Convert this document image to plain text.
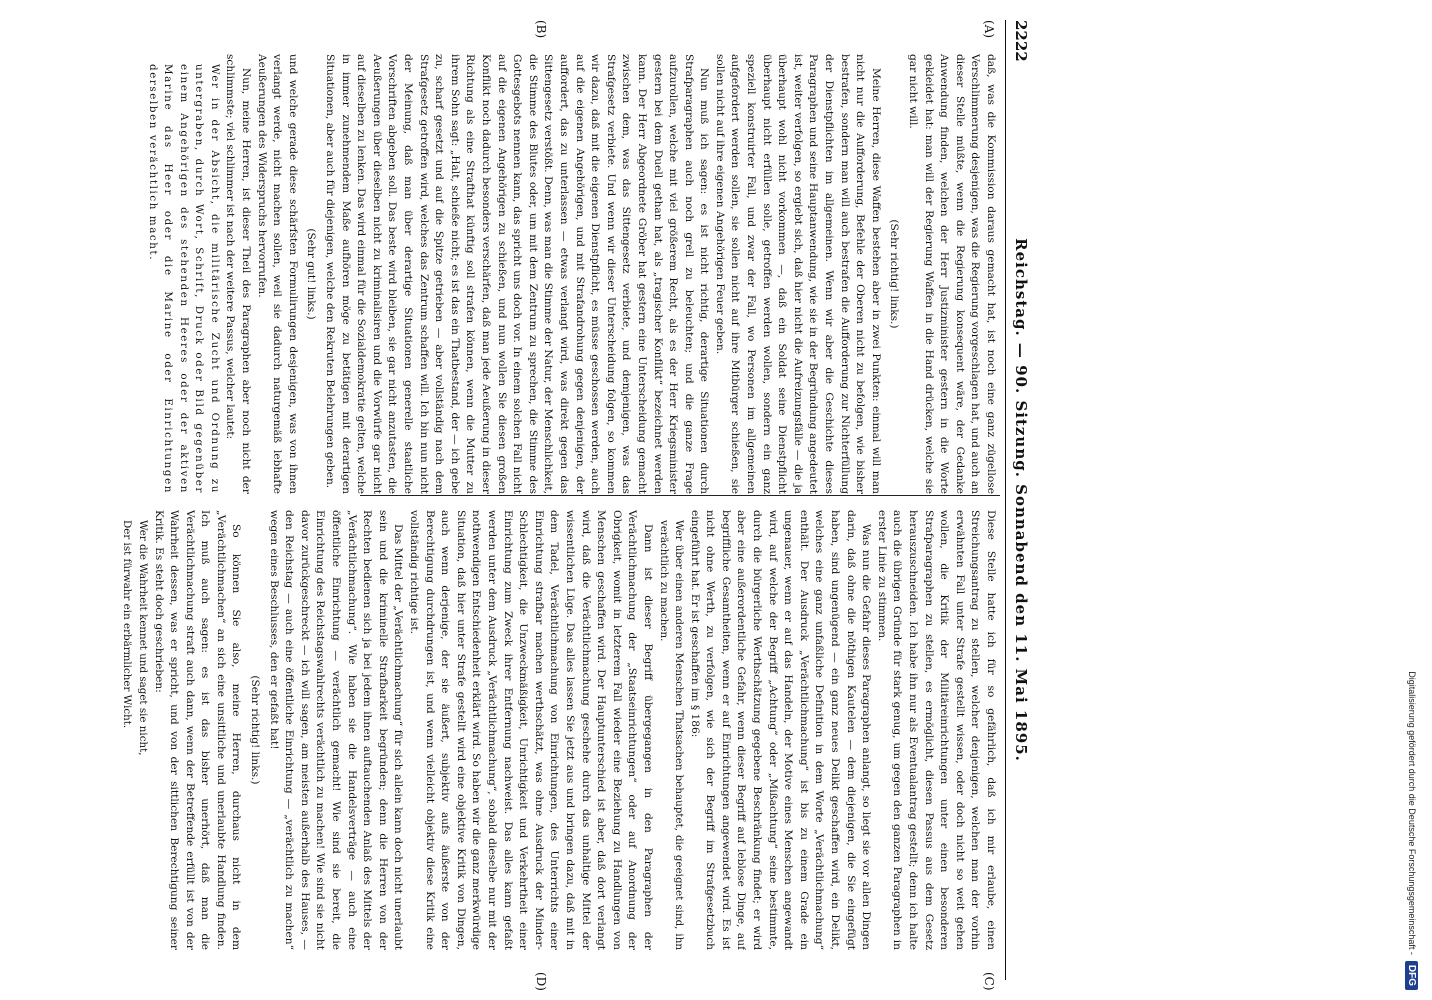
2222
Reichstag. — 90. Sitzung. Sonnabend den 11. Mai 1895.
(A)
(B)
(C)
(D)

daß, was die Kommission daraus gemacht hat, ist noch eine ganz zügellose Verschlimmerung desjenigen, was die Regierung vorgeschlagen hat, und auch an dieser Stelle müßte, wenn die Regierung konsequent wäre, der Gedanke Anwendung finden, welchen der Herr Justizminister gestern in die Worte gekleidet hat: man will der Regierung Waffen in die Hand drücken, welche sie gar nicht will.

(Sehr richtig! links.)

Meine Herren, diese Waffen bestehen aber in zwei Punkten: einmal will man nicht nur die Aufforderung, Befehle der Oberen nicht zu befolgen, wie bisher bestrafen, sondern man will auch bestrafen die Aufforderung zur Nichterfüllung der Dienstpflichten im allgemeinen. Wenn wir aber die Geschichte dieses Paragraphen und seine Hauptanwendung, wie sie in der Begründung angedeutet ist, weiter verfolgen, so ergiebt sich, daß hier nicht die Aufreizungsfälle — die ja überhaupt wohl nicht vorkommen —, daß ein Soldat seine Dienstpflicht überhaupt nicht erfüllen solle, getroffen werden wollen, sondern ein ganz speziell konstruirter Fall, und zwar der Fall, wo Personen im allgemeinen aufgefordert werden sollen, sie sollen nicht auf ihre Mitbürger schießen, sie sollen nicht auf ihre eigenen Angehörigen Feuer geben.

Nun muß ich sagen: es ist nicht richtig, derartige Situationen durch Strafparagraphen auch noch grell zu beleuchten; und die ganze Frage aufzurollen, welche mit viel größerem Recht, als es der Herr Kriegsminister gestern bei dem Duell gethan hat, als „tragischer Konflikt“ bezeichnet werden kann. Der Herr Abgeordnete Gröber hat gestern eine Unterscheidung gemacht zwischen dem, was das Sittengesetz verbiete, und demjenigen, was das Strafgesetz verbiete. Und wenn wir dieser Unterscheidung folgen, so kommen wir dazu, daß mit die eigenen Dienstpflicht, es müsse geschossen werden, auch auf die eigenen Angehörigen, und mit Strafandrohung gegen denjenigen, der auffordert, das zu unterlassen — etwas verlangt wird, was direkt gegen das Sittengesetz verstößt. Denn, was man die Stimme der Natur, der Menschlichkeit, die Stimme des Blutes oder, um mit dem Zentrum zu sprechen, die Stimme des Gottesgebots nennen kann, das spricht uns doch vor. In einem solchen Fall nicht auf die eigenen Angehörigen zu schießen, und nun wollen Sie diesen großen Konflikt noch dadurch besonders verschärfen, daß man jede Aeußerung in dieser Richtung als eine Strafthat künftig soll strafen können, wenn die Mutter zu ihrem Sohn sagt: „Halt, schieße nicht; es ist das ein Thatbestand, der — ich gebe zu, scharf gesetzt und auf die Spitze getrieben — aber vollständig nach dem Strafgesetz getroffen wird, welches das Zentrum schaffen will. Ich bin nun nicht der Meinung, daß man über derartige Situationen generelle staatliche Vorschriften abgeben soll. Das beste wird bleiben, sie gar nicht anzutasten, die Aeußerungen über dieselben nicht zu kriminalisiren und die Vorwürfe gar nicht auf dieselben zu lenken. Das wird einmal für die Sozialdemokratie gelten, welche in immer zunehmendem Maße aufhören möge zu betätigen mit derartigen Situationen, aber auch für diejenigen, welche den Rekruten Belehrungen geben.

(Sehr gut! links.)

und welche gerade diese schärfsten Formulirungen desjenigen, was von ihnen verlangt werde, nicht machen sollen, weil sie dadurch naturgemäß lebhafte Aeußerungen des Widerspruchs hervorrufen.

Nun, meine Herren, ist dieser Theil des Paragraphen aber noch nicht der schlimmste; viel schlimmer ist nach der weitere Passus, welcher lautet:

Wer in der Absicht, die militärische Zucht und Ordnung zu untergraben, durch Wort, Schrift, Druck oder Bild gegenüber einem Angehörigen des stehenden Heeres oder der aktiven Marine das Heer oder die Marine oder Einrichtungen derselben verächtlich macht.

Diese Stelle hatte ich für so gefährlich, daß ich mir erlaube, einen Streichungsantrag zu stellen, welcher denjenigen, welchen man der vorhin erwähnten Fall unter Strafe gestellt wissen, oder doch nicht so weit gehen wollen, die Kritik der Militäreinrichtungen unter einen besonderen Strafparagraphen zu stellen, es ermöglicht, diesen Passus aus dem Gesetz herauszuschneiden. Ich habe ihn nur als Eventualantrag gestellt; denn ich halte auch die übrigen Gründe für stark genug, um gegen den ganzen Paragraphen in erster Linie zu stimmen.

Was nun die Gefahr dieses Paragraphen anlangt, so liegt sie vor allen Dingen darin, daß ohne die nöthigen Kautelen — dem diejenigen, die Sie eingefügt haben, sind ungenügend — ein ganz neues Delikt geschaffen wird, ein Delikt, welches eine ganz unfaßliche Definition in dem Worte „Verächtlichmachung“ enthält. Der Ausdruck „Verächtlichmachung“ ist bis zu einem Grade ein ungenauer, wenn er auf das Handeln, der Motive eines Menschen angewandt wird, auf welche der Begriff „Achtung“ oder „Mißachtung“ seine bestimmte, durch die bürgerliche Werthschätzung gegebene Beschränkung findet; er wird aber eine außerordentliche Gefahr, wenn dieser Begriff auf leblose Dinge, auf begriffliche Gesamtheiten, wenn er auf Einrichtungen angewendet wird. Es ist nicht ohne Werth, zu verfolgen, wie sich der Begriff im Strafgesetzbuch eingeführt hat. Er ist geschaffen im § 186:

Wer über einen anderen Menschen Thatsachen behauptet, die geeignet sind, ihn verächtlich zu machen.

Dann ist dieser Begriff übergegangen in den Paragraphen der Verächtlichmachung der „Staatseinrichtungen“ oder auf Anordnung der Obrigkeit, womit in letzterem Fall wieder eine Beziehung zu Handlungen von Menschen geschaffen wird. Der Hauptunterschied ist aber, daß dort verlangt wird, daß die Verächtlichmachung geschehe durch das unhaltige Mittel der wissentlichen Lüge. Das alles lassen Sie jetzt aus und bringen dazu, daß mit in dem Tadel, Verächtlichmachung von Einrichtungen, des Unterrichts einer Einrichtung strafbar machen werthschätzt, was ohne Ausdruck der Minder-Schlechtigkeit, die Unzweckmäßigkeit, Unrichtigkeit und Verkehrtheit einer Einrichtung zum Zweck ihrer Entfernung nachweist. Das alles kann gefaßt werden unter dem Ausdruck „Verächtlichmachung“, sobald dieselbe nur mit der nothwendigen Entschiedenheit erklärt wird. So haben wir die ganz merkwürdige Situation, daß hier unter Strafe gestellt wird eine objektive Kritik von Dingen, auch wenn derjenige, der sie äußert, subjektiv aufs äußerste von der Berechtigung durchdrungen ist, und wenn vielleicht objektiv diese Kritik eine vollständig richtige ist.

Das Mittel der „Verächtlichmachung“ für sich allein kann doch nicht unerlaubt sein und die kriminelle Strafbarkeit begründen; denn die Herren von der Rechten bedienen sich ja bei jedem ihnen auftauchenden Anlaß des Mittels der „Verächtlichmachung“. Wie haben sie die Handelsverträge — auch eine öffentliche Einrichtung — verächtlich gemacht! Wie sind sie bereit, die Einrichtung des Reichstagswahlrechts verächtlich zu machen! Wie sind sie nicht davor zurückgeschreckt — ich will sagen, am meisten außerhalb des Hauses, — den Reichstag — auch eine öffentliche Einrichtung — „verächtlich zu machen“ wegen eines Beschlusses, den er gefaßt hat!

(Sehr richtig! links.)

So können Sie also, meine Herren, durchaus nicht in dem „Verächtlichmachen“ an sich eine unsittliche und unerlaubte Handlung finden. Ich muß auch sagen: es ist das bisher unerhört, daß man die Verächtlichmachung straft auch dann, wenn der Betreffende erfüllt ist von der Wahrheit dessen, was er spricht, und von der sittlichen Berechtigung seiner Kritik. Es steht doch geschrieben:

Wer die Wahrheit kennet und saget sie nicht,

Der ist fürwahr ein erbärmlicher Wicht.

Digitalisierung gefördert durch die Deutsche Forschungsgemeinschaft -
DFG
